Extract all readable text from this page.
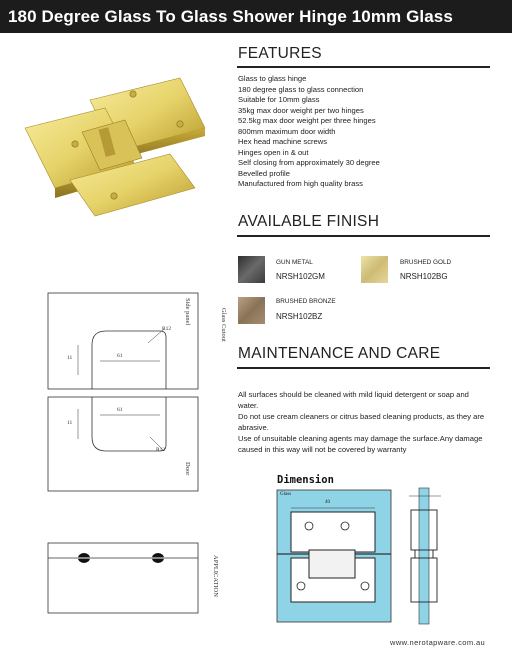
180 Degree Glass To Glass Shower Hinge 10mm Glass
FEATURES
Glass to glass hinge
180 degree glass to glass connection
Suitable for 10mm glass
35kg max door weight per two hinges
52.5kg max door weight per three hinges
800mm maximum door width
Hex head machine screws
Hinges open in & out
Self closing from approximately 30 degree
Bevelled profile
Manufactured from high quality brass
AVAILABLE FINISH
GUN METAL
NRSH102GM
BRUSHED GOLD
NRSH102BG
BRUSHED BRONZE
NRSH102BZ
MAINTENANCE AND CARE

All surfaces should be cleaned with mild liquid detergent or soap and water.

Do not use cream cleaners or citrus based cleaning products, as they are abrasive.

Use of unsuitable cleaning agents may damage the surface.Any damage caused in this way will not be covered by warranty

61
61
11
11
R12
R12
Side panel	Glass Cutout
Door
APPLICATION
Dimension
Glass
40
www.nerotapware.com.au
